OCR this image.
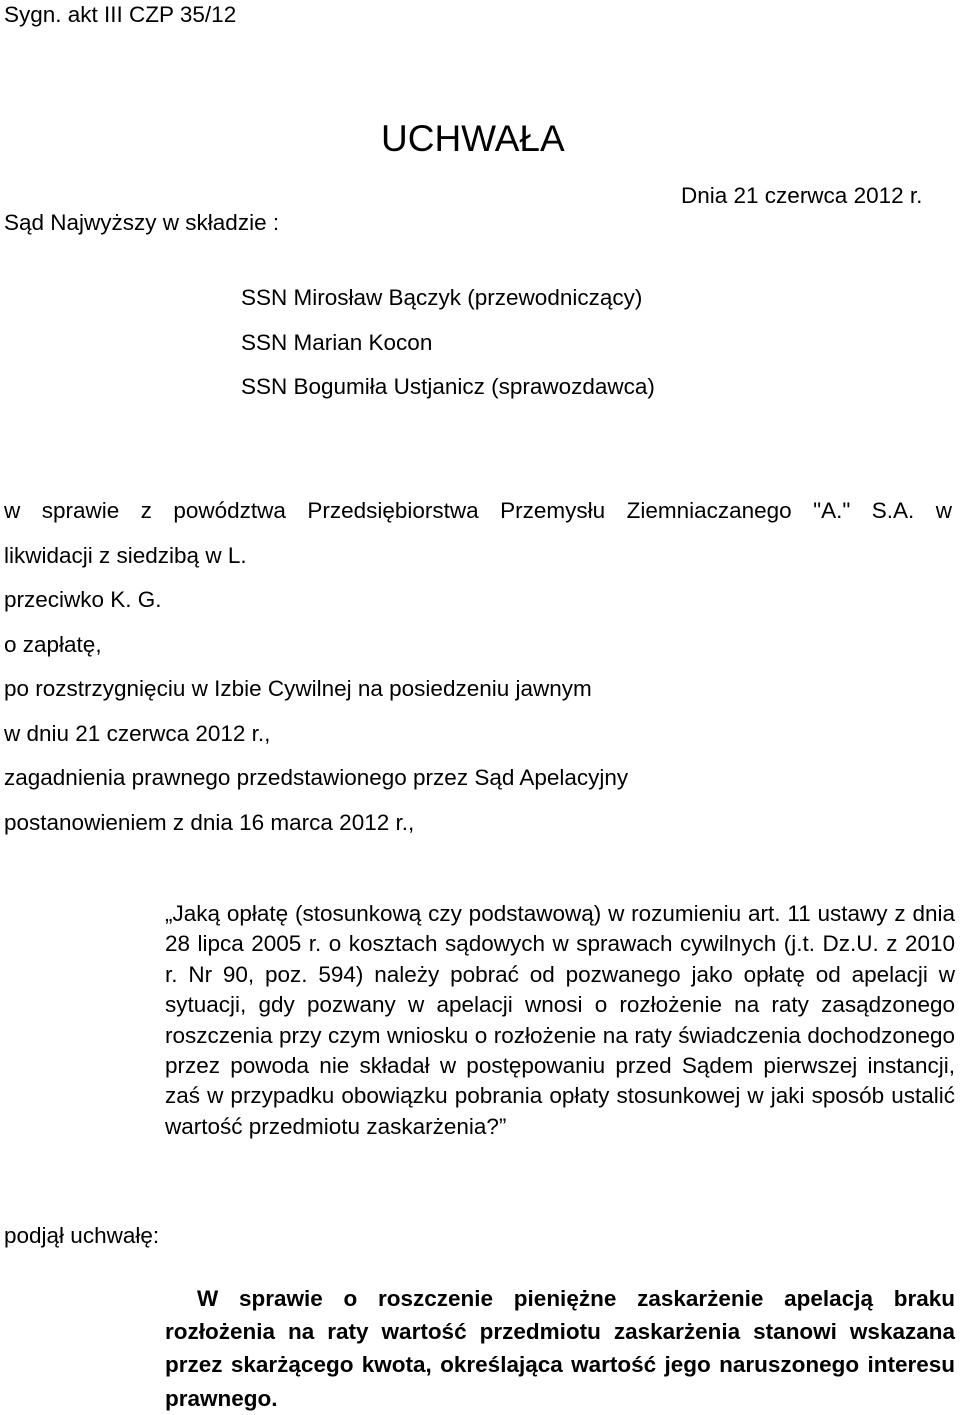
Sygn. akt III CZP 35/12
UCHWAŁA
Dnia 21 czerwca 2012 r.
Sąd Najwyższy w składzie :
SSN Mirosław Bączyk (przewodniczący)
SSN Marian Kocon
SSN Bogumiła Ustjanicz (sprawozdawca)
w sprawie z powództwa Przedsiębiorstwa Przemysłu Ziemniaczanego "A." S.A. w
likwidacji z siedzibą w L.
przeciwko K. G.
o zapłatę,
po rozstrzygnięciu w Izbie Cywilnej na posiedzeniu jawnym
w dniu 21 czerwca 2012 r.,
zagadnienia prawnego przedstawionego przez Sąd Apelacyjny
postanowieniem z dnia 16 marca 2012 r.,
„Jaką opłatę (stosunkową czy podstawową) w rozumieniu art. 11 ustawy z dnia 28 lipca 2005 r. o kosztach sądowych w sprawach cywilnych (j.t. Dz.U. z 2010 r. Nr 90, poz. 594) należy pobrać od pozwanego jako opłatę od apelacji w sytuacji, gdy pozwany w apelacji wnosi o rozłożenie na raty zasądzonego roszczenia przy czym wniosku o rozłożenie na raty świadczenia dochodzonego przez powoda nie składał w postępowaniu przed Sądem pierwszej instancji, zaś w przypadku obowiązku pobrania opłaty stosunkowej w jaki sposób ustalić wartość przedmiotu zaskarżenia?”
podjął uchwałę:
W sprawie o roszczenie pieniężne zaskarżenie apelacją braku rozłożenia na raty wartość przedmiotu zaskarżenia stanowi wskazana przez skarżącego kwota, określająca wartość jego naruszonego interesu prawnego.
